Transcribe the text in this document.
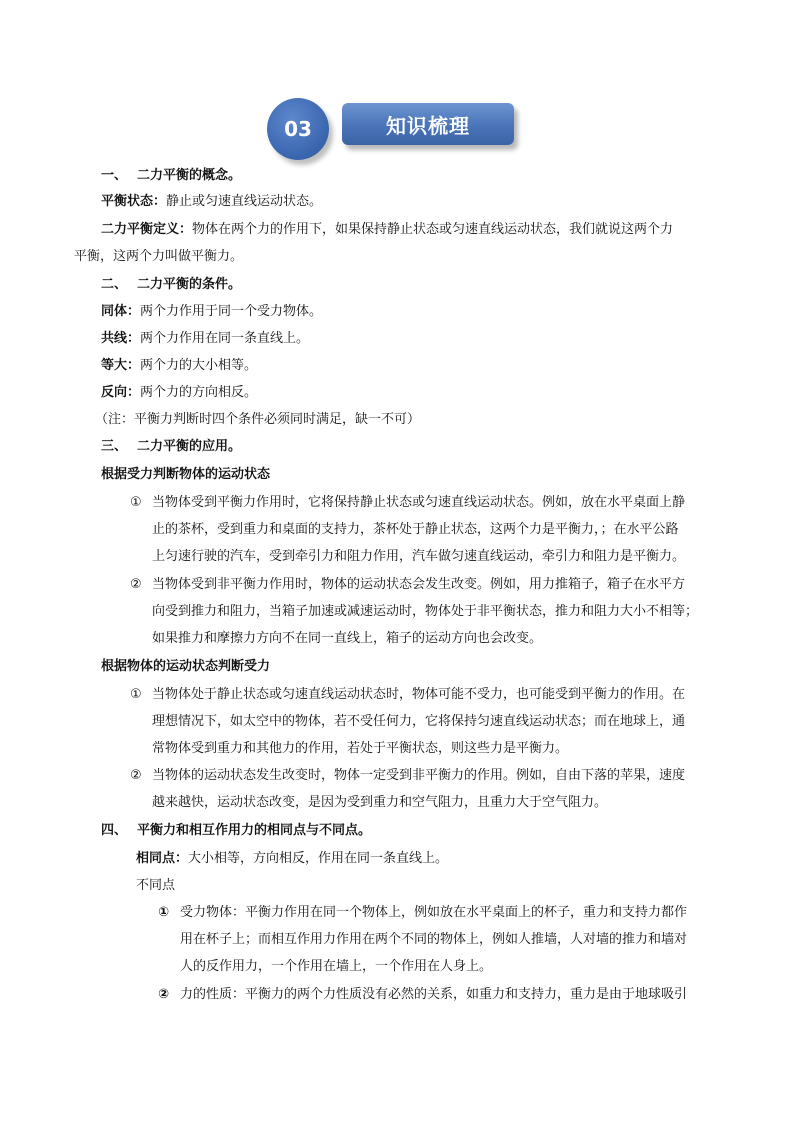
03	知识梳理
一、 二力平衡的概念。
平衡状态：静止或匀速直线运动状态。
二力平衡定义：物体在两个力的作用下，如果保持静止状态或匀速直线运动状态，我们就说这两个力
平衡，这两个力叫做平衡力。
二、 二力平衡的条件。
同体：两个力作用于同一个受力物体。
共线：两个力作用在同一条直线上。
等大：两个力的大小相等。
反向：两个力的方向相反。
（注：平衡力判断时四个条件必须同时满足，缺一不可）
三、 二力平衡的应用。
根据受力判断物体的运动状态
① 当物体受到平衡力作用时，它将保持静止状态或匀速直线运动状态。例如，放在水平桌面上静
止的茶杯，受到重力和桌面的支持力，茶杯处于静止状态，这两个力是平衡力，；在水平公路
上匀速行驶的汽车，受到牵引力和阻力作用，汽车做匀速直线运动，牵引力和阻力是平衡力。
② 当物体受到非平衡力作用时，物体的运动状态会发生改变。例如，用力推箱子，箱子在水平方
向受到推力和阻力，当箱子加速或减速运动时，物体处于非平衡状态，推力和阻力大小不相等；
如果推力和摩擦力方向不在同一直线上，箱子的运动方向也会改变。
根据物体的运动状态判断受力
① 当物体处于静止状态或匀速直线运动状态时，物体可能不受力，也可能受到平衡力的作用。在
理想情况下，如太空中的物体，若不受任何力，它将保持匀速直线运动状态；而在地球上，通
常物体受到重力和其他力的作用，若处于平衡状态，则这些力是平衡力。
② 当物体的运动状态发生改变时，物体一定受到非平衡力的作用。例如，自由下落的苹果，速度
越来越快，运动状态改变，是因为受到重力和空气阻力，且重力大于空气阻力。
四、 平衡力和相互作用力的相同点与不同点。
相同点：大小相等，方向相反，作用在同一条直线上。
不同点
① 受力物体：平衡力作用在同一个物体上，例如放在水平桌面上的杯子，重力和支持力都作
用在杯子上；而相互作用力作用在两个不同的物体上，例如人推墙，人对墙的推力和墙对
人的反作用力，一个作用在墙上，一个作用在人身上。
② 力的性质：平衡力的两个力性质没有必然的关系，如重力和支持力，重力是由于地球吸引
